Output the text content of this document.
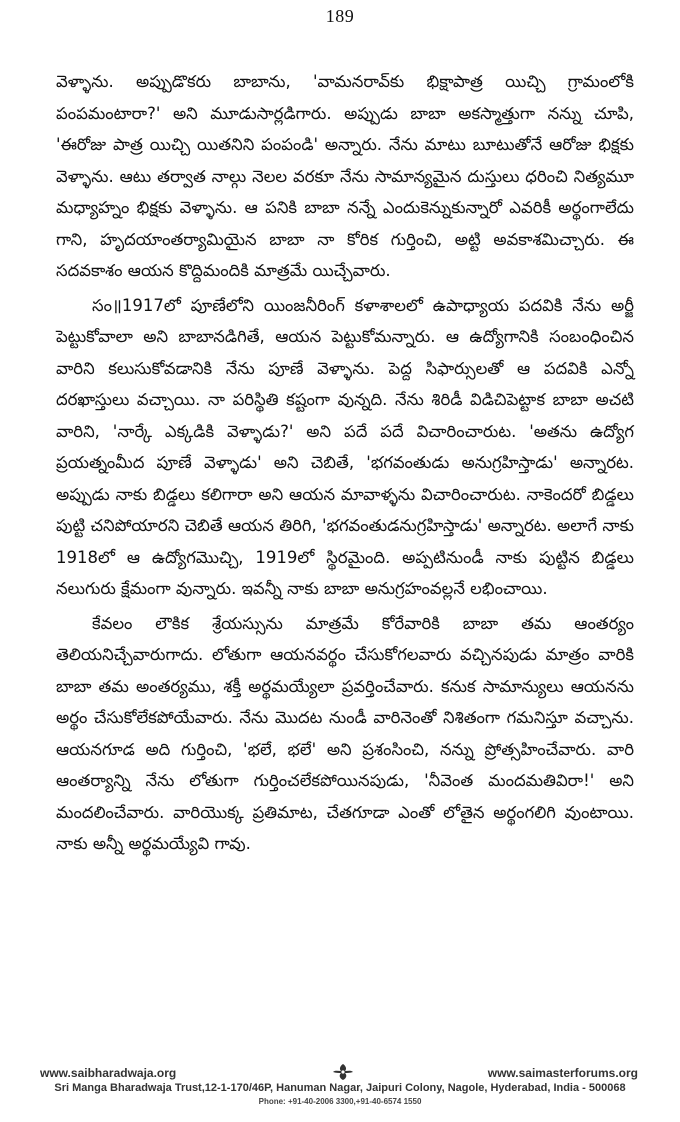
189

వెళ్ళాను. అప్పుడొకరు బాబాను, 'వామనరావ్‌కు భిక్షాపాత్ర యిచ్చి గ్రామంలోకి పంపమంటారా?' అని మూడుసార్లడిగారు. అప్పుడు బాబా అకస్మాత్తుగా నన్ను చూపి, 'ఈరోజు పాత్ర యిచ్చి యితనిని పంపండి' అన్నారు. నేను మాటు బూటుతోనే ఆరోజు భిక్షకు వెళ్ళాను. ఆటు తర్వాత నాల్గు నెలల వరకూ నేను సామాన్యమైన దుస్తులు ధరించి నిత్యమూ మధ్యాహ్నం భిక్షకు వెళ్ళాను. ఆ పనికి బాబా నన్నే ఎందుకెన్నుకున్నారో ఎవరికీ అర్థంగాలేదు గాని, హృదయాంతర్యామియైన బాబా నా కోరిక గుర్తించి, అట్టి అవకాశమిచ్చారు. ఈ సదవకాశం ఆయన కొద్దిమందికి మాత్రమే యిచ్చేవారు.

సం॥1917లో పూణేలోని యింజనీరింగ్ కళాశాలలో ఉపాధ్యాయ పదవికి నేను అర్జీ పెట్టుకోవాలా అని బాబానడిగితే, ఆయన పెట్టుకోమన్నారు. ఆ ఉద్యోగానికి సంబంధించిన వారిని కలుసుకోవడానికి నేను పూణే వెళ్ళాను. పెద్ద సిఫార్సులతో ఆ పదవికి ఎన్నో దరఖాస్తులు వచ్చాయి. నా పరిస్థితి కష్టంగా వున్నది. నేను శిరిడీ విడిచిపెట్టాక బాబా అచటి వారిని, 'నార్కే ఎక్కడికి వెళ్ళాడు?' అని పదే పదే విచారించారుట. 'అతను ఉద్యోగ ప్రయత్నంమీద పూణే వెళ్ళాడు' అని చెబితే, 'భగవంతుడు అనుగ్రహిస్తాడు' అన్నారట. అప్పుడు నాకు బిడ్డలు కలిగారా అని ఆయన మావాళ్ళను విచారించారుట. నాకెందరో బిడ్డలు పుట్టి చనిపోయారని చెబితే ఆయన తిరిగి, 'భగవంతుడనుగ్రహిస్తాడు' అన్నారట. అలాగే నాకు 1918లో ఆ ఉద్యోగమొచ్చి, 1919లో స్థిరమైంది. అప్పటినుండీ నాకు పుట్టిన బిడ్డలు నలుగురు క్షేమంగా వున్నారు. ఇవన్నీ నాకు బాబా అనుగ్రహంవల్లనే లభించాయి.

కేవలం లౌకిక శ్రేయస్సును మాత్రమే కోరేవారికి బాబా తమ ఆంతర్యం తెలియనిచ్చేవారుగాదు. లోతుగా ఆయనవర్థం చేసుకోగలవారు వచ్చినపుడు మాత్రం వారికి బాబా తమ అంతర్యము, శక్తీ అర్థమయ్యేలా ప్రవర్తించేవారు. కనుక సామాన్యులు ఆయనను అర్థం చేసుకోలేకపోయేవారు. నేను మొదట నుండీ వారినెంతో నిశితంగా గమనిస్తూ వచ్చాను. ఆయనగూడ అది గుర్తించి, 'భలే, భలే' అని ప్రశంసించి, నన్ను ప్రోత్సహించేవారు. వారి ఆంతర్యాన్ని నేను లోతుగా గుర్తించలేకపోయినపుడు, 'నీవెంత మందమతివిరా!' అని మందలించేవారు. వారియొక్క ప్రతిమాట, చేతగూడా ఎంతో లోతైన అర్థంగలిగి వుంటాయి. నాకు అన్నీ అర్థమయ్యేవి గావు.

www.saibharadwaja.org	www.saimasterforums.org
Sri Manga Bharadwaja Trust,12-1-170/46P, Hanuman Nagar, Jaipuri Colony, Nagole, Hyderabad, India - 500068
Phone: +91-40-2006 3300,+91-40-6574 1550
